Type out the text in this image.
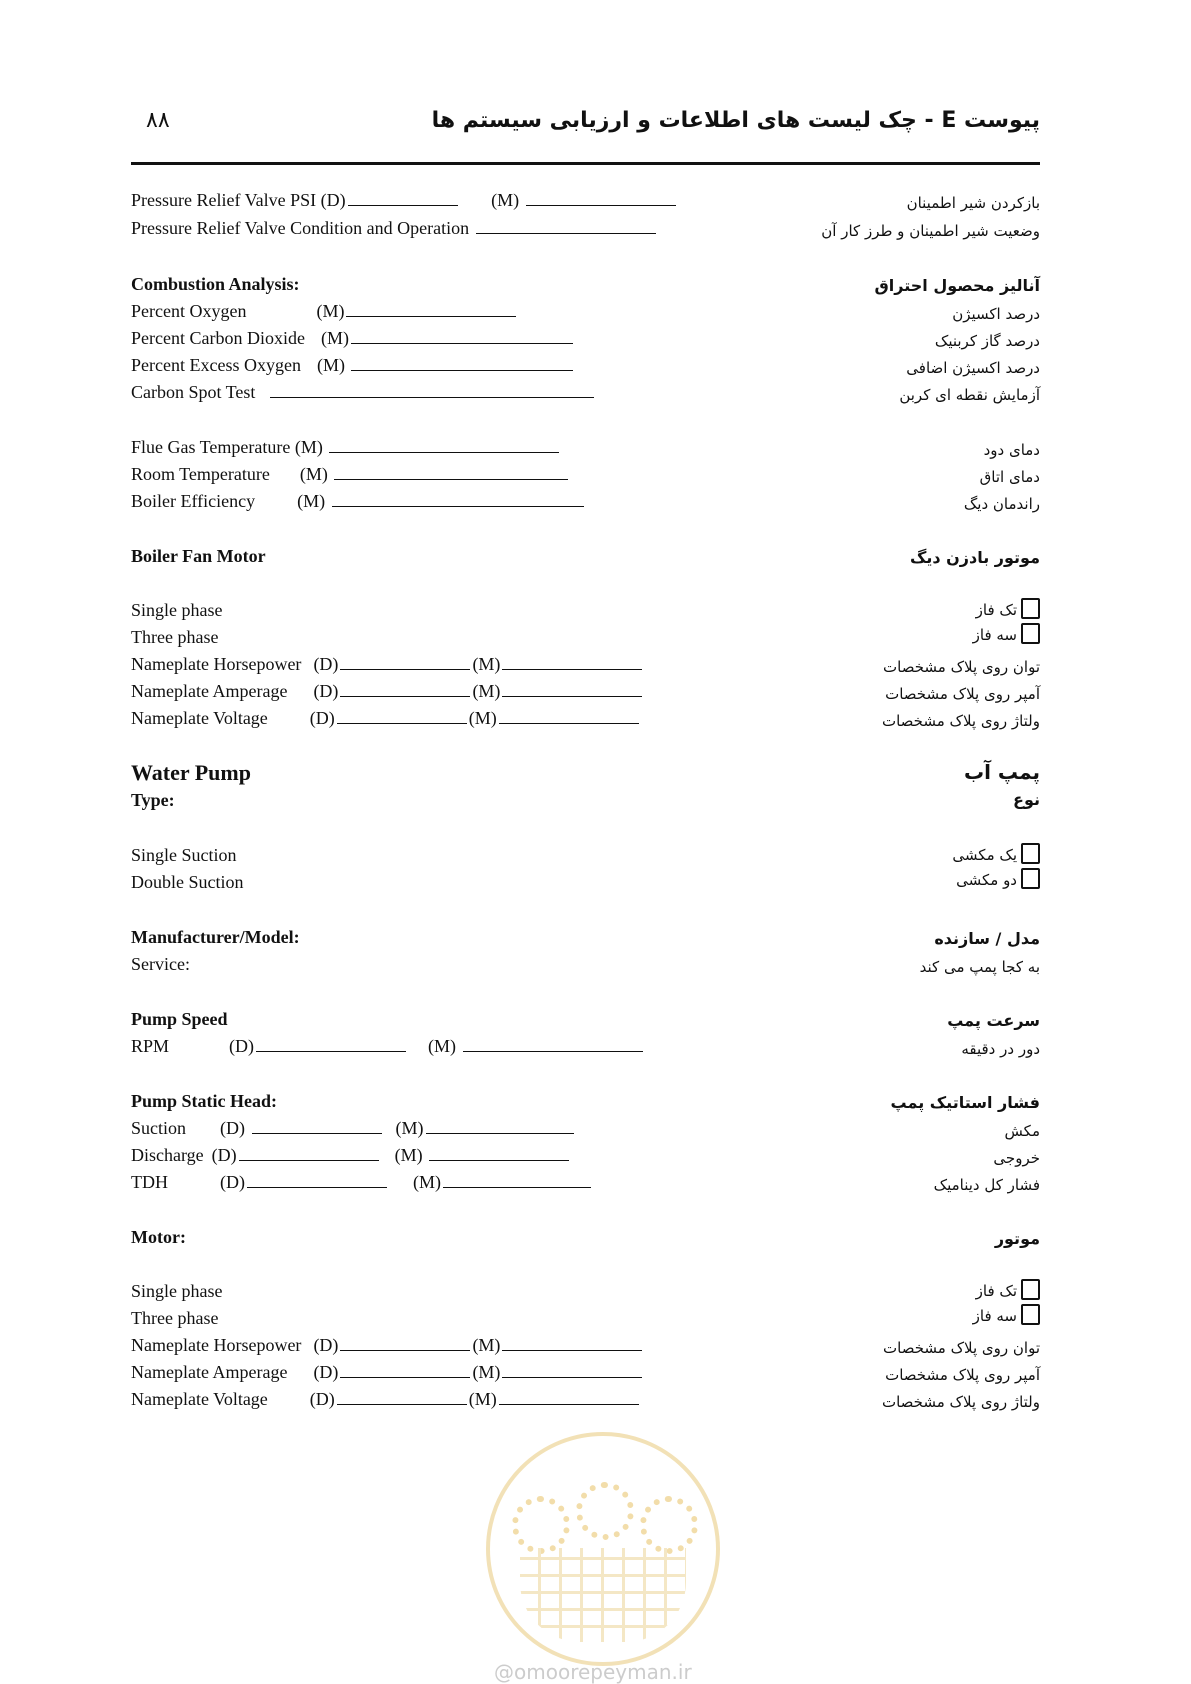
۸۸	پیوست E - چک لیست های اطلاعات و ارزیابی سیستم ها
Pressure Relief Valve PSI (D)	(M)	بازکردن شیر اطمینان
Pressure Relief Valve Condition and Operation	وضعیت شیر اطمینان و طرز کار آن
Combustion Analysis:	آنالیز محصول احتراق
Percent Oxygen	(M)	درصد اکسیژن
Percent Carbon Dioxide (M)	درصد گاز کربنیک
Percent Excess Oxygen (M)	درصد اکسیژن اضافی
Carbon Spot Test	آزمایش نقطه ای کربن
Flue Gas Temperature (M)	دمای دود
Room Temperature (M)	دمای اتاق
Boiler Efficiency (M)	راندمان دیگ
Boiler Fan Motor	موتور بادزن دیگ
Single phase	تک فاز
Three phase	سه فاز
Nameplate Horsepower (D)	(M)	توان روی پلاک مشخصات
Nameplate Amperage (D)	(M)	آمپر روی پلاک مشخصات
Nameplate Voltage (D)	(M)	ولتاژ روی پلاک مشخصات
Water Pump	پمپ آب
Type:	نوع
Single Suction	یک مکشی
Double Suction	دو مکشی
Manufacturer/Model:	مدل / سازنده
Service:	به کجا پمپ می کند
Pump Speed	سرعت پمپ
RPM	(D)	(M)	دور در دقیقه
Pump Static Head:	فشار استاتیک پمپ
Suction (D)	(M)	مکش
Discharge (D)	(M)	خروجی
TDH	(D)	(M)	فشار کل دینامیک
Motor:	موتور
Single phase	تک فاز
Three phase	سه فاز
Nameplate Horsepower (D)	(M)	توان روی پلاک مشخصات
Nameplate Amperage (D)	(M)	آمپر روی پلاک مشخصات
Nameplate Voltage (D)	(M)	ولتاژ روی پلاک مشخصات
@omoorepeyman.ir
